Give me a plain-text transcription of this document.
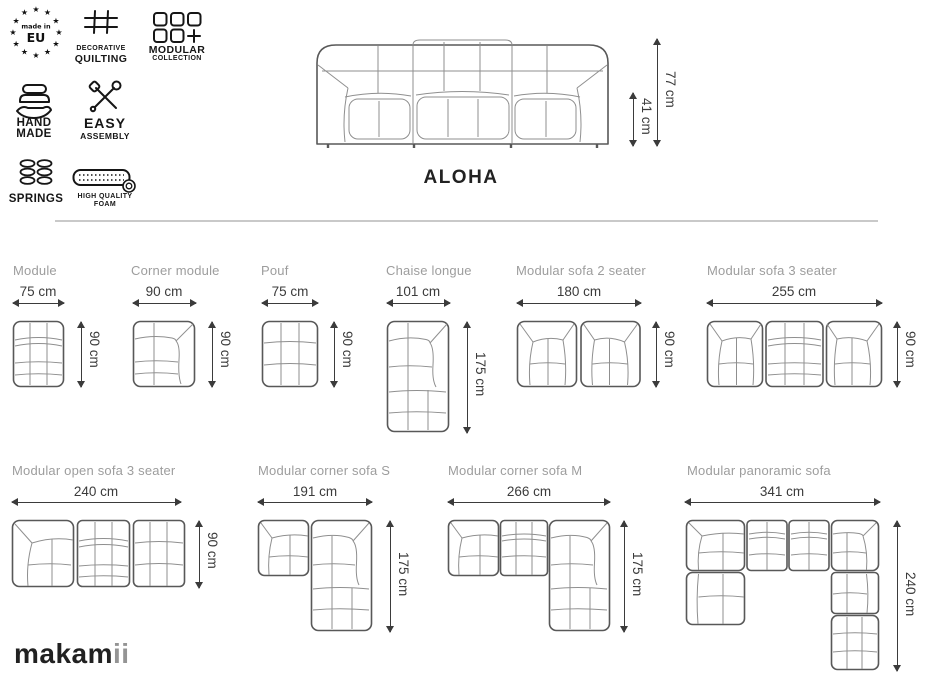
★ ★
★
★
★
★
★
★
★
★
★
★
made in
EU
DECORATIVE
QUILTING
MODULAR
COLLECTION
HAND
MADE
EASY
ASSEMBLY
SPRINGS HIGH QUALITY
FOAM
41 cm
77 cm
ALOHA
Module
75 cm
90 cm
Corner module
90 cm
90 cm
Pouf
75 cm
90 cm
Chaise longue
101 cm
175 cm
Modular sofa 2 seater
180 cm
90 cm
Modular sofa 3 seater
255 cm
90 cm
Modular open sofa 3 seater
240 cm
90 cm
Modular corner sofa S
191 cm
175 cm
Modular corner sofa M
266 cm
175 cm
Modular panoramic sofa
341 cm
240 cm
makamii
